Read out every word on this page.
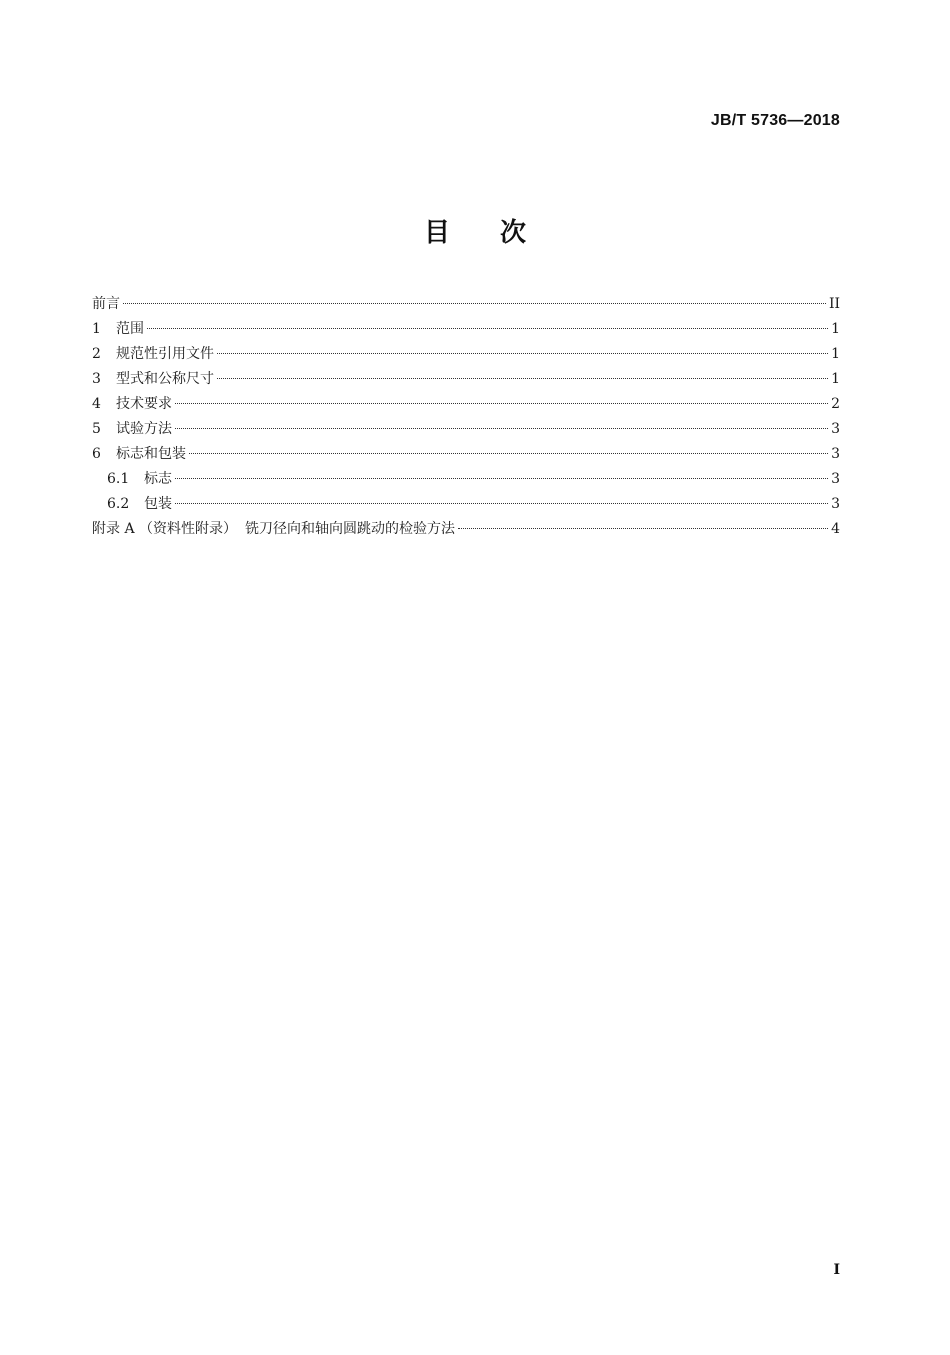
JB/T 5736—2018
目 次
前言	II
1	范围	1
2	规范性引用文件	1
3	型式和公称尺寸	1
4	技术要求	2
5	试验方法	3
6	标志和包装	3
6.1	标志	3
6.2	包装	3
附录 A （资料性附录） 铣刀径向和轴向圆跳动的检验方法	4
I
